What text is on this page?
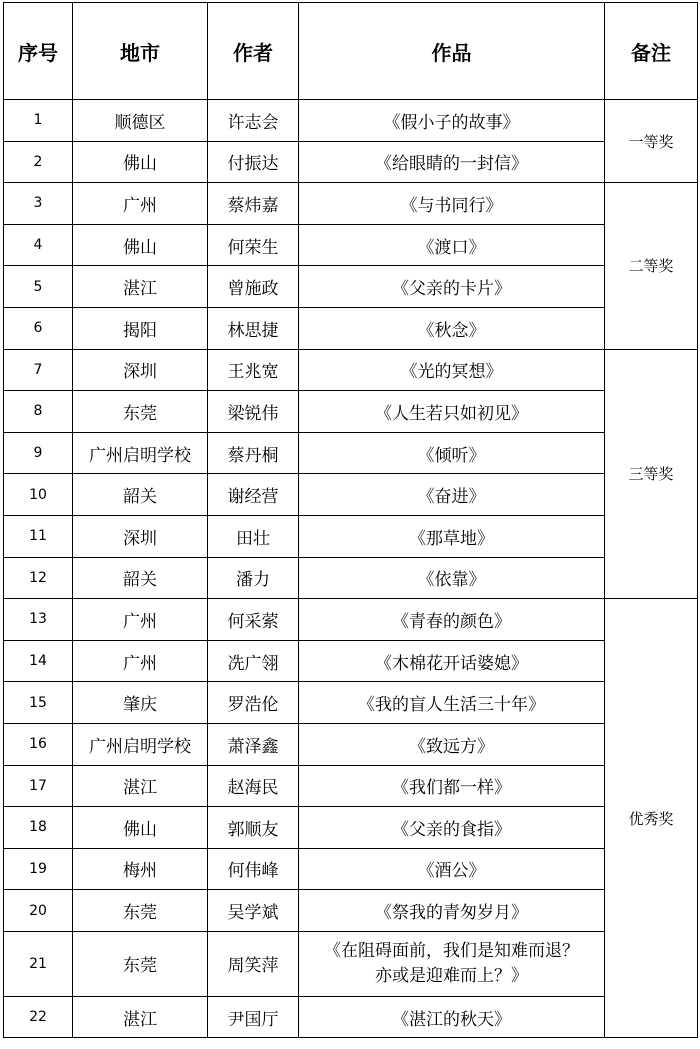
序号	地市	作者	作品	备注
1	顺德区	许志会	《假小子的故事》	一等奖
2	佛山	付振达	《给眼睛的一封信》	
3	广州	蔡炜嘉	《与书同行》	二等奖
4	佛山	何荣生	《渡口》	
5	湛江	曾施政	《父亲的卡片》	
6	揭阳	林思捷	《秋念》	
7	深圳	王兆宽	《光的冥想》	三等奖
8	东莞	梁锐伟	《人生若只如初见》	
9	广州启明学校	蔡丹桐	《倾听》	
10	韶关	谢经营	《奋进》	
11	深圳	田壮	《那草地》	
12	韶关	潘力	《依靠》	
13	广州	何采萦	《青春的颜色》	优秀奖
14	广州	冼广翎	《木棉花开话婆媳》	
15	肇庆	罗浩伦	《我的盲人生活三十年》	
16	广州启明学校	萧泽鑫	《致远方》	
17	湛江	赵海民	《我们都一样》	
18	佛山	郭顺友	《父亲的食指》	
19	梅州	何伟峰	《酒公》	
20	东莞	吴学斌	《祭我的青匆岁月》	
21	东莞	周笑萍	《在阻碍面前，我们是知难而退？
亦或是迎难而上？》	

22	湛江	尹国厅	《湛江的秋天》	
